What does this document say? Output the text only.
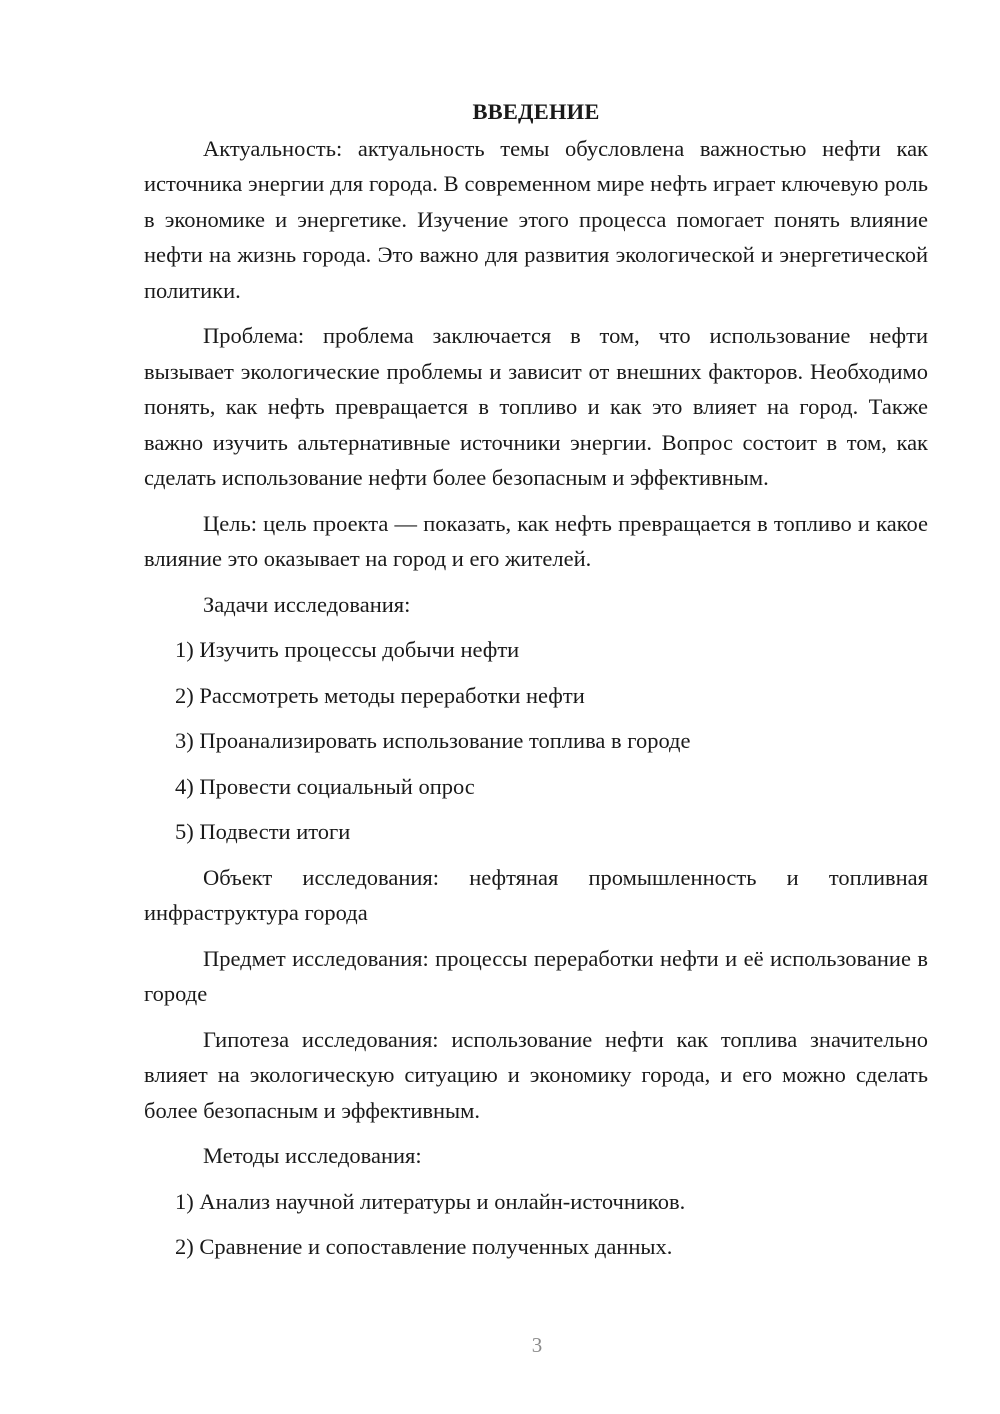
ВВЕДЕНИЕ

Актуальность: актуальность темы обусловлена важностью нефти как источника энергии для города. В современном мире нефть играет ключевую роль в экономике и энергетике. Изучение этого процесса помогает понять влияние нефти на жизнь города. Это важно для развития экологической и энергетической политики.

Проблема: проблема заключается в том, что использование нефти вызывает экологические проблемы и зависит от внешних факторов. Необходимо понять, как нефть превращается в топливо и как это влияет на город. Также важно изучить альтернативные источники энергии. Вопрос состоит в том, как сделать использование нефти более безопасным и эффективным.

Цель: цель проекта — показать, как нефть превращается в топливо и какое влияние это оказывает на город и его жителей.

Задачи исследования:

1) Изучить процессы добычи нефти
2) Рассмотреть методы переработки нефти
3) Проанализировать использование топлива в городе
4) Провести социальный опрос
5) Подвести итоги

Объект исследования: нефтяная промышленность и топливная инфраструктура города

Предмет исследования: процессы переработки нефти и её использование в городе

Гипотеза исследования: использование нефти как топлива значительно влияет на экологическую ситуацию и экономику города, и его можно сделать более безопасным и эффективным.

Методы исследования:

1) Анализ научной литературы и онлайн-источников.
2) Сравнение и сопоставление полученных данных.
3
